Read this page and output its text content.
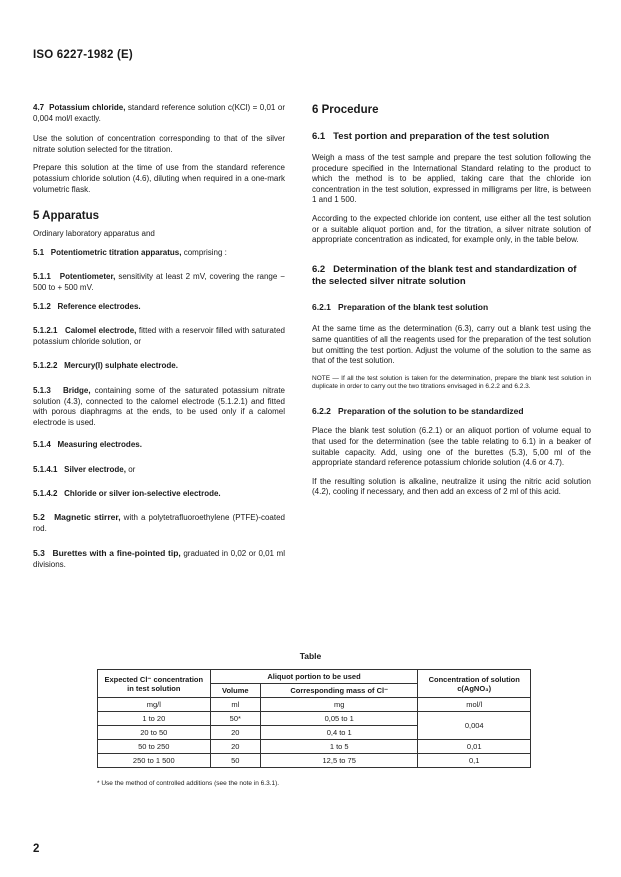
ISO 6227-1982 (E)

4.7 Potassium chloride, standard reference solution c(KCl) = 0,01 or 0,004 mol/l exactly.

Use the solution of concentration corresponding to that of the silver nitrate solution selected for the titration.

Prepare this solution at the time of use from the standard reference potassium chloride solution (4.6), diluting when required in a one-mark volumetric flask.

5 Apparatus

Ordinary laboratory apparatus and

5.1 Potentiometric titration apparatus, comprising :

5.1.1 Potentiometer, sensitivity at least 2 mV, covering the range − 500 to + 500 mV.

5.1.2 Reference electrodes.

5.1.2.1 Calomel electrode, fitted with a reservoir filled with saturated potassium chloride solution, or

5.1.2.2 Mercury(I) sulphate electrode.

5.1.3 Bridge, containing some of the saturated potassium nitrate solution (4.3), connected to the calomel electrode (5.1.2.1) and fitted with porous diaphragms at the ends, to be used only if a calomel electrode is used.

5.1.4 Measuring electrodes.

5.1.4.1 Silver electrode, or

5.1.4.2 Chloride or silver ion-selective electrode.

5.2 Magnetic stirrer, with a polytetrafluoroethylene (PTFE)-coated rod.

5.3 Burettes with a fine-pointed tip, graduated in 0,02 or 0,01 ml divisions.

6 Procedure
6.1 Test portion and preparation of the test solution

Weigh a mass of the test sample and prepare the test solution following the procedure specified in the International Standard relating to the product to which the method is to be applied, taking care that the chloride ion concentration in the test solution, expressed in milligrams per litre, is between 1 and 1 500.

According to the expected chloride ion content, use either all the test solution or a suitable aliquot portion and, for the titration, a silver nitrate solution of appropriate concentration as indicated, for example only, in the table below.

6.2 Determination of the blank test and standardization of the selected silver nitrate solution

6.2.1 Preparation of the blank test solution

At the same time as the determination (6.3), carry out a blank test using the same quantities of all the reagents used for the preparation of the test solution but omitting the test portion. Adjust the volume of the solution to the same as that of the test solution.

NOTE — If all the test solution is taken for the determination, prepare the blank test solution in duplicate in order to carry out the two titrations envisaged in 6.2.2 and 6.2.3.

6.2.2 Preparation of the solution to be standardized

Place the blank test solution (6.2.1) or an aliquot portion of volume equal to that used for the determination (see the table relating to 6.1) in a beaker of suitable capacity. Add, using one of the burettes (5.3), 5,00 ml of the appropriate standard reference potassium chloride solution (4.6 or 4.7).

If the resulting solution is alkaline, neutralize it using the nitric acid solution (4.2), cooling if necessary, and then add an excess of 2 ml of this acid.

Table
Expected Cl⁻ concentration in test solution	Aliquot portion to be used		Concentration of solution c(AgNO₃)
	Volume	Corresponding mass of Cl⁻	
mg/l	ml	mg	mol/l
1 to 20	50*	0,05 to 1	0,004
20 to 50	20	0,4 to 1	
50 to 250	20	1 to 5	0,01
250 to 1 500	50	12,5 to 75	0,1
* Use the method of controlled additions (see the note in 6.3.1).
2
